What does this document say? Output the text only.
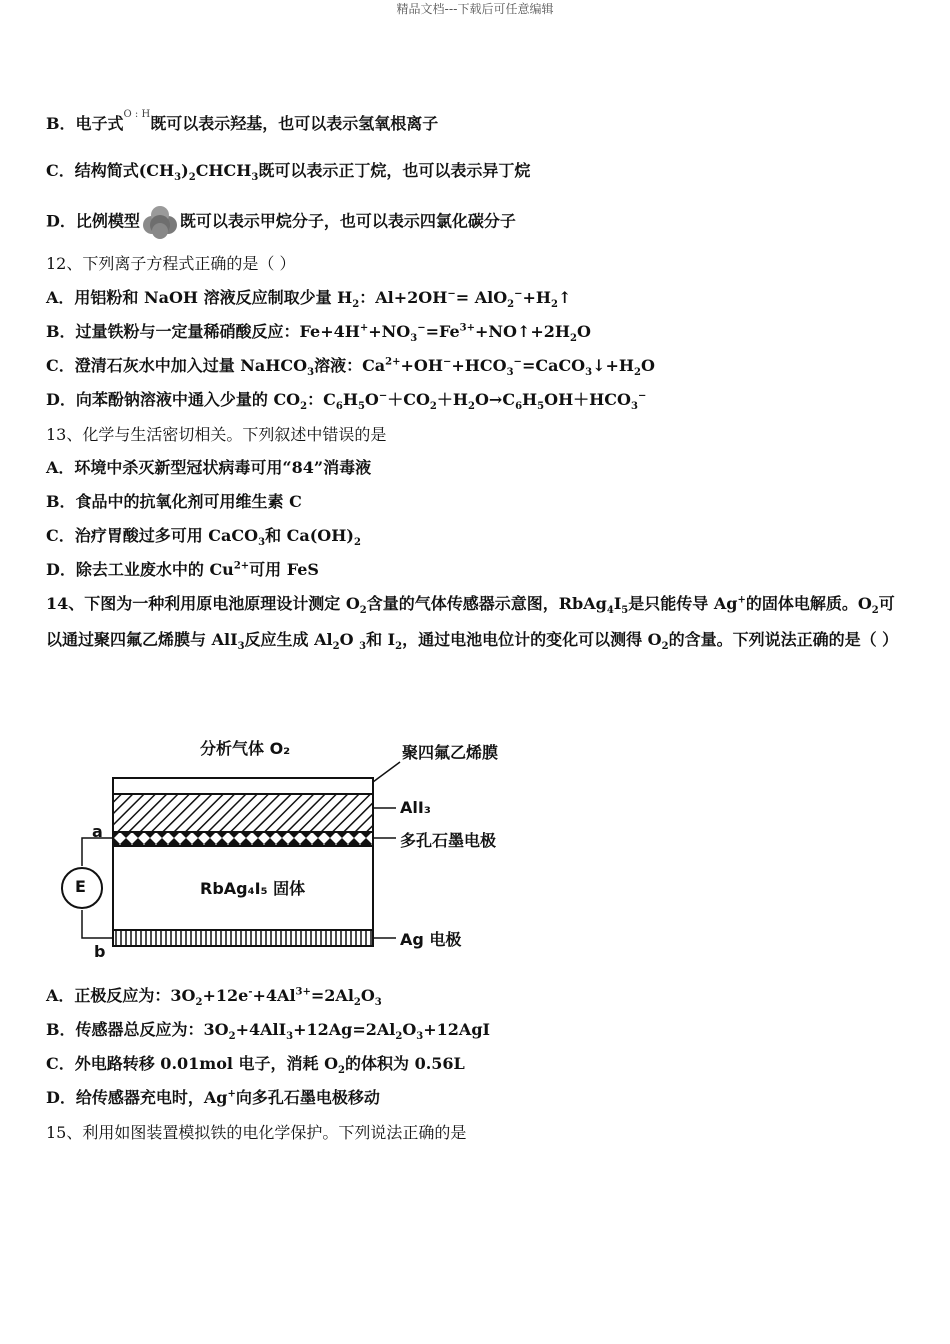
精品文档---下载后可任意编辑
B．电子式O : H既可以表示羟基，也可以表示氢氧根离子
C．结构简式$(CH_3)_2CHCH_3$既可以表示正丁烷，也可以表示异丁烷
D．比例模型	既可以表示甲烷分子，也可以表示四氯化碳分子
12、下列离子方程式正确的是（ ）
A．用铝粉和 NaOH 溶液反应制取少量 $H_2$：$Al+2OH^-= AlO_2^-+H_2↑$
B．过量铁粉与一定量稀硝酸反应：$Fe+4H^++NO_3^-=Fe^{3+}+NO↑+2H_2O$
C．澄清石灰水中加入过量 NaHCO$_3$溶液：$Ca^{2+}+OH^-+HCO_3^-=CaCO_3↓+H_2O$
D．向苯酚钠溶液中通入少量的 $CO_2$：$C_6H_5O^-+CO_2+H_2O\to C_6H_5OH+HCO_3^-$
13、化学与生活密切相关。下列叙述中错误的是
A．环境中杀灭新型冠状病毒可用“84”消毒液
B．食品中的抗氧化剂可用维生素 C
C．治疗胃酸过多可用 CaCO$_3$和 $Ca(OH)_2$
D．除去工业废水中的 $Cu^{2+}$可用 FeS
14、下图为一种利用原电池原理设计测定 $O_2$含量的气体传感器示意图，$RbAg_4I_5$是只能传导 Ag+的固体电解质。$O_2$可以通过聚四氟乙烯膜与 AlI$_3$反应生成 $Al_2O$ $_3$和 $I_2$，通过电池电位计的变化可以测得 $O_2$的含量。下列说法正确的是（ ）
分析气体 O₂	聚四氟乙烯膜
AlI₃
多孔石墨电极
RbAg₄I₅ 固体
Ag 电极
E
a
b
A．正极反应为：$3O_2+12e^-+4Al^{3+}=2Al_2O_3$
B．传感器总反应为：$3O_2+4AlI_3+12Ag=2Al_2O_3+12AgI$
C．外电路转移 0.01mol 电子，消耗 $O_2$的体积为 0.56L
D．给传感器充电时，Ag+向多孔石墨电极移动
15、利用如图装置模拟铁的电化学保护。下列说法正确的是
